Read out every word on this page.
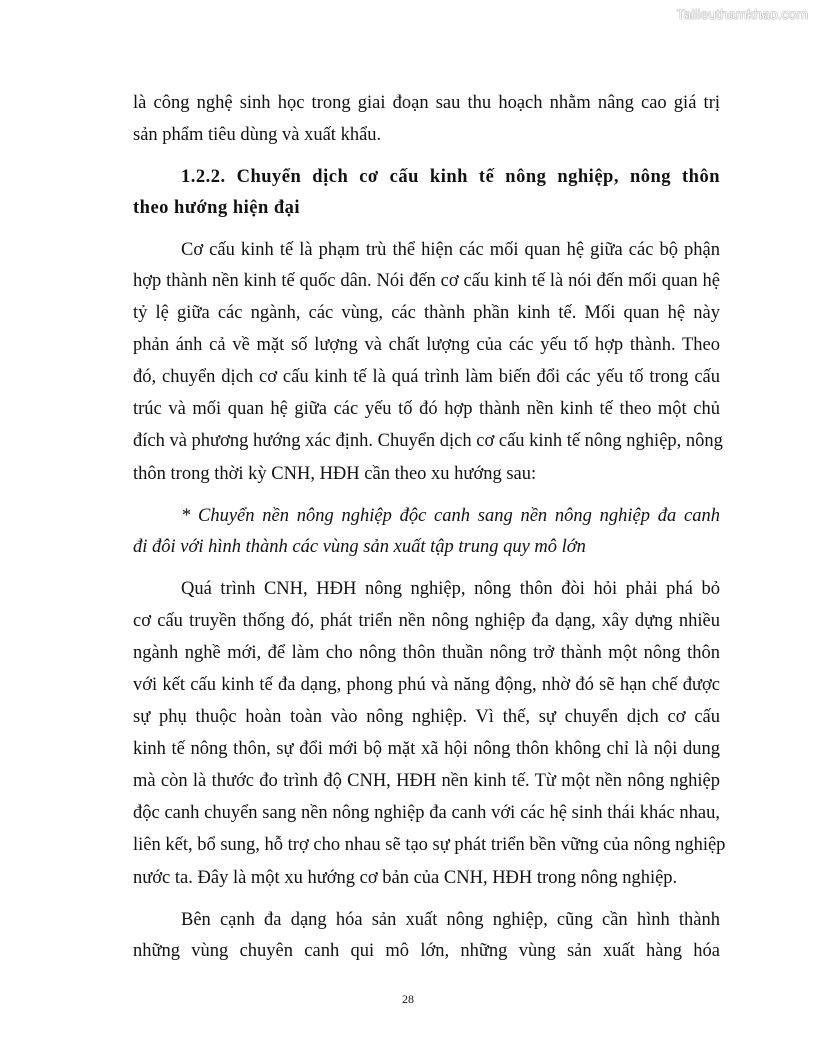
Tailieuthamkhao.com
là công nghệ sinh học trong giai đoạn sau thu hoạch nhằm nâng cao giá trị
sản phẩm tiêu dùng và xuất khẩu.
1.2.2. Chuyển dịch cơ cấu kinh tế nông nghiệp, nông thôn
theo hướng hiện đại
Cơ cấu kinh tế là phạm trù thể hiện các mối quan hệ giữa các bộ phận
hợp thành nền kinh tế quốc dân. Nói đến cơ cấu kinh tế là nói đến mối quan hệ
tỷ lệ giữa các ngành, các vùng, các thành phần kinh tế. Mối quan hệ này
phản ánh cả về mặt số lượng và chất lượng của các yếu tố hợp thành. Theo
đó, chuyển dịch cơ cấu kinh tế là quá trình làm biến đổi các yếu tố trong cấu
trúc và mối quan hệ giữa các yếu tố đó hợp thành nền kinh tế theo một chủ
đích và phương hướng xác định. Chuyển dịch cơ cấu kinh tế nông nghiệp, nông
thôn trong thời kỳ CNH, HĐH cần theo xu hướng sau:
* Chuyển nền nông nghiệp độc canh sang nền nông nghiệp đa canh
đi đôi với hình thành các vùng sản xuất tập trung quy mô lớn
Quá trình CNH, HĐH nông nghiệp, nông thôn đòi hỏi phải phá bỏ
cơ cấu truyền thống đó, phát triển nền nông nghiệp đa dạng, xây dựng nhiều
ngành nghề mới, để làm cho nông thôn thuần nông trở thành một nông thôn
với kết cấu kinh tế đa dạng, phong phú và năng động, nhờ đó sẽ hạn chế được
sự phụ thuộc hoàn toàn vào nông nghiệp. Vì thế, sự chuyển dịch cơ cấu
kinh tế nông thôn, sự đổi mới bộ mặt xã hội nông thôn không chỉ là nội dung
mà còn là thước đo trình độ CNH, HĐH nền kinh tế. Từ một nền nông nghiệp
độc canh chuyển sang nền nông nghiệp đa canh với các hệ sinh thái khác nhau,
liên kết, bổ sung, hỗ trợ cho nhau sẽ tạo sự phát triển bền vững của nông nghiệp
nước ta. Đây là một xu hướng cơ bản của CNH, HĐH trong nông nghiệp.
Bên cạnh đa dạng hóa sản xuất nông nghiệp, cũng cần hình thành
những vùng chuyên canh qui mô lớn, những vùng sản xuất hàng hóa
28
